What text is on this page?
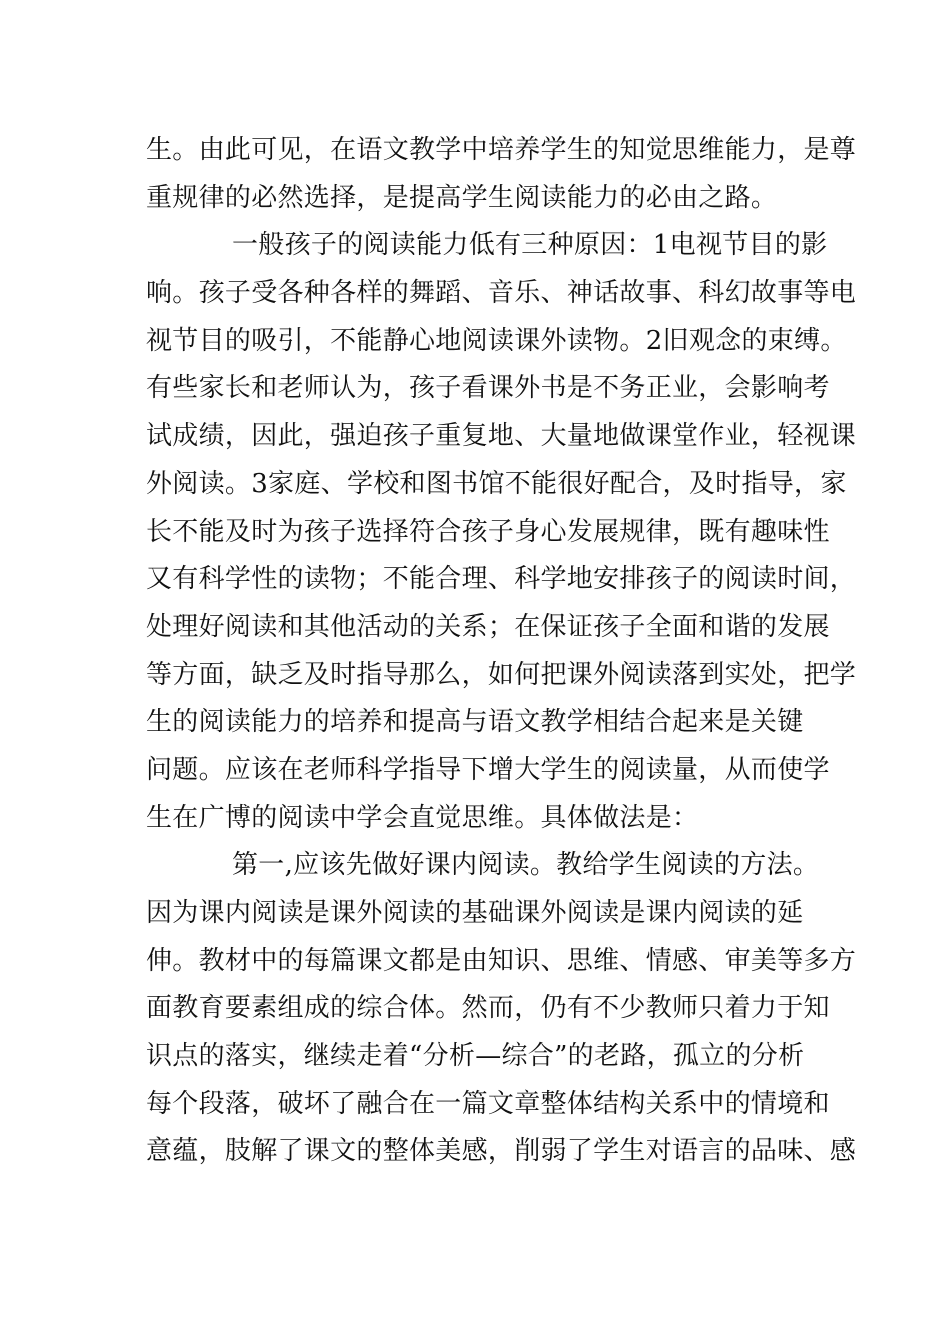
生。由此可见，在语文教学中培养学生的知觉思维能力，是尊
重规律的必然选择，是提高学生阅读能力的必由之路。
一般孩子的阅读能力低有三种原因：1电视节目的影
响。孩子受各种各样的舞蹈、音乐、神话故事、科幻故事等电
视节目的吸引，不能静心地阅读课外读物。2旧观念的束缚。
有些家长和老师认为，孩子看课外书是不务正业，会影响考
试成绩，因此，强迫孩子重复地、大量地做课堂作业，轻视课
外阅读。3家庭、学校和图书馆不能很好配合，及时指导，家
长不能及时为孩子选择符合孩子身心发展规律，既有趣味性
又有科学性的读物；不能合理、科学地安排孩子的阅读时间，
处理好阅读和其他活动的关系；在保证孩子全面和谐的发展
等方面，缺乏及时指导那么，如何把课外阅读落到实处，把学
生的阅读能力的培养和提高与语文教学相结合起来是关键
问题。应该在老师科学指导下增大学生的阅读量，从而使学
生在广博的阅读中学会直觉思维。具体做法是：
第一,应该先做好课内阅读。教给学生阅读的方法。
因为课内阅读是课外阅读的基础课外阅读是课内阅读的延
伸。教材中的每篇课文都是由知识、思维、情感、审美等多方
面教育要素组成的综合体。然而，仍有不少教师只着力于知
识点的落实，继续走着“分析—综合”的老路，孤立的分析
每个段落，破坏了融合在一篇文章整体结构关系中的情境和
意蕴，肢解了课文的整体美感，削弱了学生对语言的品味、感
